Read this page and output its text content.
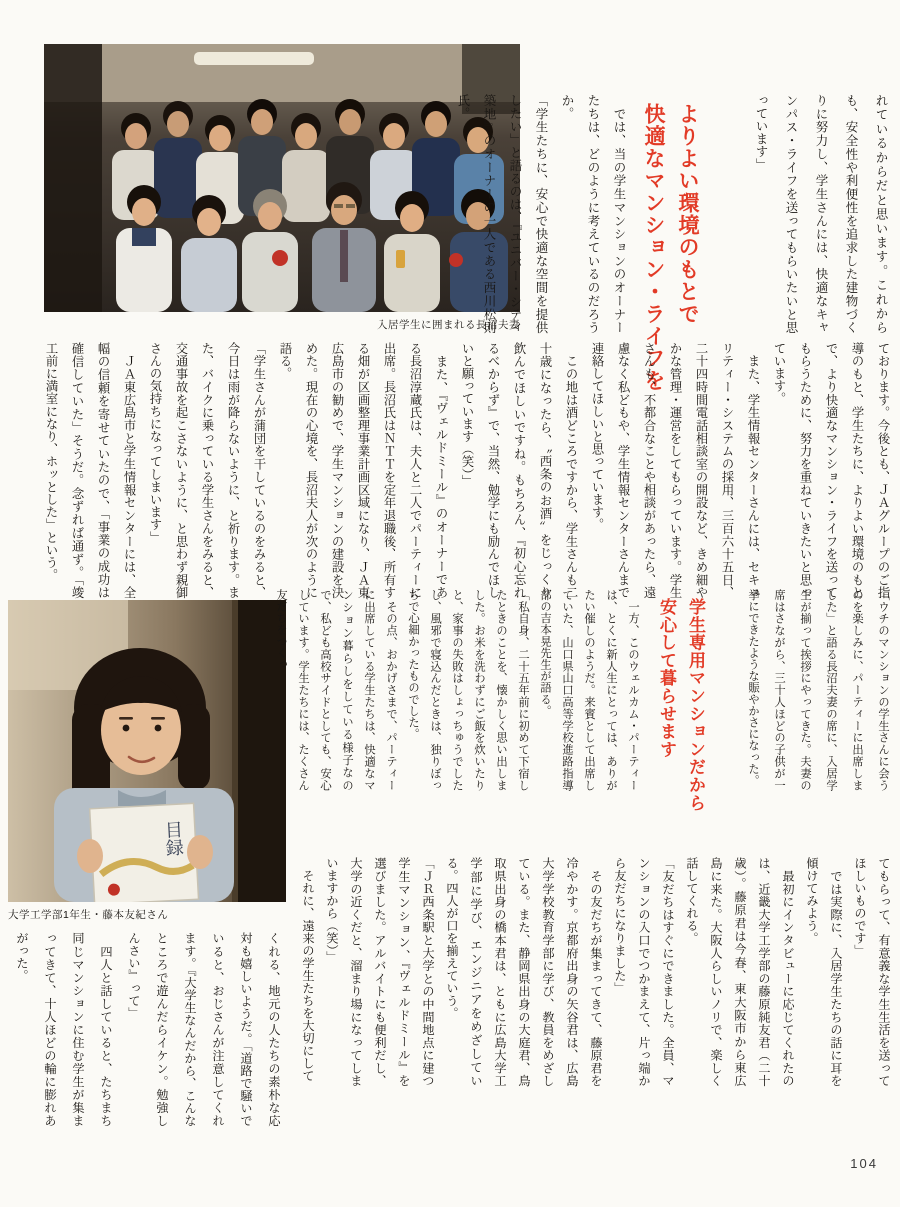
入居学生に囲まれる長沼夫妻	れているからだと思います。これからも、安全性や利便性を追求した建物づくりに努力し、学生さんには、快適なキャンパス・ライフを送ってもらいたいと思っています」

よりよい環境のもとで
快適なマンション・ライフを

　では、当の学生マンションのオーナーたちは、どのように考えているのだろうか。

「学生たちに、安心で快適な空間を提供したい」と語るのは、『ユニバー・シティ築地』のオーナーの一人である西川松則氏。

ております。今後とも、ＪＡグループのご指導のもと、学生たちに、よりよい環境のもとで、より快適なマンション・ライフを送ってもらうために、努力を重ねていきたいと思っています。

　また、学生情報センターさんには、セキュリティー・システムの採用、三百六十五日、二十四時間電話相談室の開設など、きめ細やかな管理・運営をしてもらっています。学生さんも、不都合なことや相談があったら、遠慮なく私どもや、学生情報センターさんまで連絡してほしいと思っています。

　この地は酒どころですから、学生さんも二十歳になったら、〝西条のお酒〟をじっくり飲んでほしいですね。もちろん、『初心忘れるべからず』で、当然、勉学にも励んでほしいと願っています（笑）」

　また、『ヴェルドミール』のオーナーである長沼淳蔵氏は、夫人と二人でパーティーに出席。長沼氏はＮＴＴを定年退職後、所有する畑が区画整理事業計画区域になり、ＪＡ東広島市の勧めで、学生マンションの建設を決めた。現在の心境を、長沼夫人が次のように語る。

「学生さんが蒲団を干しているのをみると、今日は雨が降らないように、と祈ります。また、バイクに乗っている学生さんをみると、交通事故を起こさないように、と思わず親御さんの気持ちになってしまいます」

　ＪＡ東広島市と学生情報センターには、全幅の信頼を寄せていたので、「事業の成功は確信していた」そうだ。念ずれば通ず。「竣工前に満室になり、ホッとした」という。

目録
大学工学部1年生・藤本友紀さん

「ウチのマンションの学生さんに会うのを楽しみに、パーティーに出席しました」と語る長沼夫妻の席に、入居学生が揃って挨拶にやってきた。夫妻の席はさながら、三十人ほどの子供が一挙にできたような賑やかさになった。

学生専用マンションだから
安心して暮らせます

　一方、このウェルカム・パーティーは、とくに新人生にとっては、ありがたい催しのようだ。来賓として出席していた、山口県山口高等学校進路指導部の吉本晃先生が語る。

「私自身、二十五年前に初めて下宿したときのことを、懐かしく思い出しました。お米を洗わずにご飯を炊いたりと、家事の失敗はしょっちゅうでしたし、風邪で寝込んだときは、独りぼっちで心細かったものでした。

　その点、おかげさまで、パーティーに出席している学生たちは、快適なマンション暮らしをしている様子なので、私ども高校サイドとしても、安心しています。学生たちには、たくさん友だちをつくっ

てもらって、有意義な学生生活を送ってほしいものです」

　では実際に、入居学生たちの話に耳を傾けてみよう。

　最初にインタビューに応じてくれたのは、近畿大学工学部の藤原純友君（二十歳）。藤原君は今春、東大阪市から東広島に来た。大阪人らしいノリで、楽しく話してくれる。

「友だちはすぐにできました。全員、マンションの入口でつかまえて、片っ端から友だちになりました」

　その友だちが集まってきて、藤原君を冷やかす。京都府出身の矢谷君は、広島大学学校教育学部に学び、教員をめざしている。また、静岡県出身の大庭君、鳥取県出身の橋本君は、ともに広島大学工学部に学び、エンジニアをめざしている。四人が口を揃えていう。

「ＪＲ西条駅と大学との中間地点に建つ学生マンション、『ヴェルドミール』を選びました。アルバイトにも便利だし、大学の近くだと、溜まり場になってしまいますから（笑）」

　それに、遠来の学生たちを大切にして

くれる、地元の人たちの素朴な応対も嬉しいようだ。「道路で騒いでいると、おじさんが注意してくれます。『大学生なんだから、こんなところで遊んだらイケン。勉強しんさい』って」

　四人と話していると、たちまち同じマンションに住む学生が集まってきて、十人ほどの輪に膨れあがった。

104
